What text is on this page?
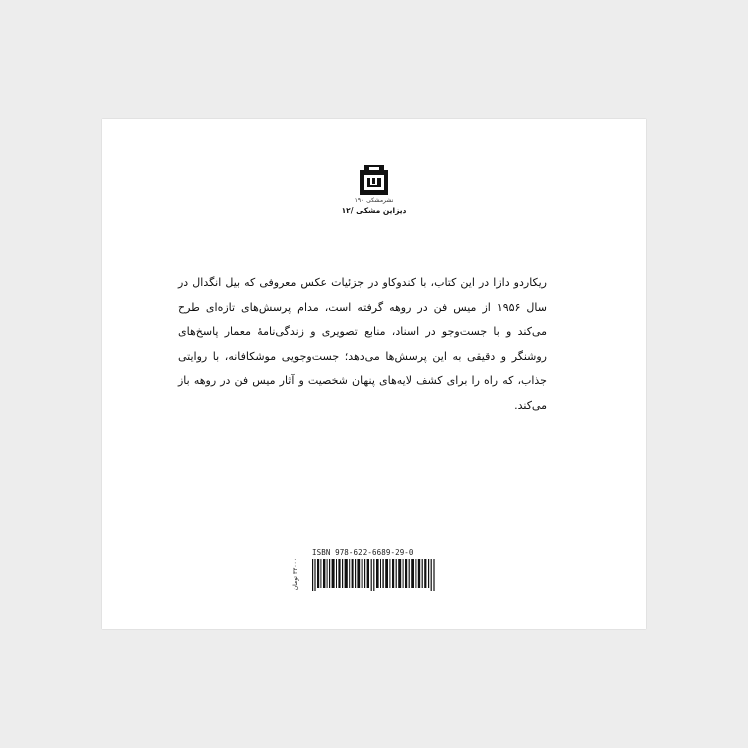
نشرمشکی ۱۹۰
دیزاین مشکی /۱۲

ریکاردو دازا در این کتاب، با کندوکاو در جزئیات عکس معروفی که بیل انگدال در سال ۱۹۵۶ از میس فن در روهه گرفته است، مدام پرسش‌های تازه‌ای طرح می‌کند و با جست‌وجو در اسناد، منابع تصویری و زندگی‌نامهٔ معمار پاسخ‌های روشنگر و دقیقی به این پرسش‌ها می‌دهد؛ جست‌وجویی موشکافانه، با روایتی جذاب، که راه را برای کشف لایه‌های پنهان شخصیت و آثار میس فن در روهه باز می‌کند.

۳۳۰۰۰ تومان
ISBN 978-622-6689-29-0
